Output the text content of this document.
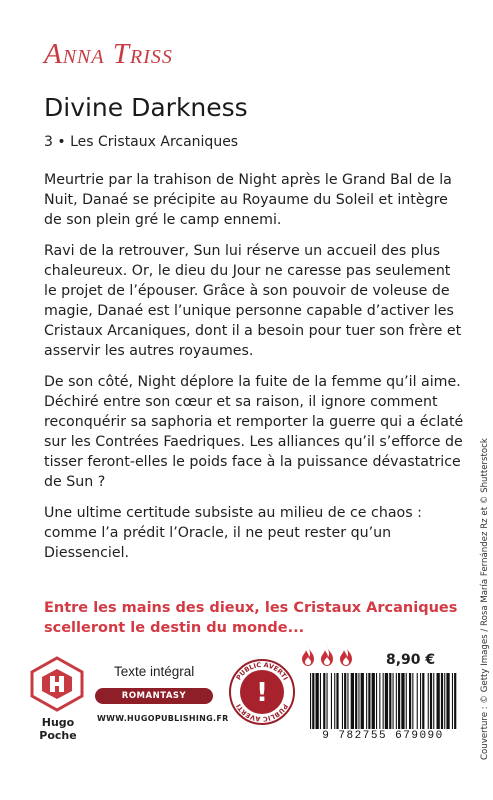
Anna Triss
Divine Darkness
3 • Les Cristaux Arcaniques

Meurtrie par la trahison de Night après le Grand Bal de la Nuit, Danaé se précipite au Royaume du Soleil et intègre de son plein gré le camp ennemi.

Ravi de la retrouver, Sun lui réserve un accueil des plus chaleureux. Or, le dieu du Jour ne caresse pas seulement le projet de l’épouser. Grâce à son pouvoir de voleuse de magie, Danaé est l’unique personne capable d’activer les Cristaux Arcaniques, dont il a besoin pour tuer son frère et asservir les autres royaumes.

De son côté, Night déplore la fuite de la femme qu’il aime. Déchiré entre son cœur et sa raison, il ignore comment reconquérir sa saphoria et remporter la guerre qui a éclaté sur les Contrées Faedriques. Les alliances qu’il s’efforce de tisser feront-elles le poids face à la puissance dévastatrice de Sun ?

Une ultime certitude subsiste au milieu de ce chaos : comme l’a prédit l’Oracle, il ne peut rester qu’un Diessenciel.

Entre les mains des dieux, les Cristaux Arcaniques scelleront le destin du monde...
8,90 €
Hugo
Poche
Texte intégral
ROMANTASY
WWW.HUGOPUBLISHING.FR
PUBLIC AVERTI
PUBLIC AVERTI !
9 782755 679090	Couverture : © Getty Images / Rosa María Fernández Rz et © Shutterstock
